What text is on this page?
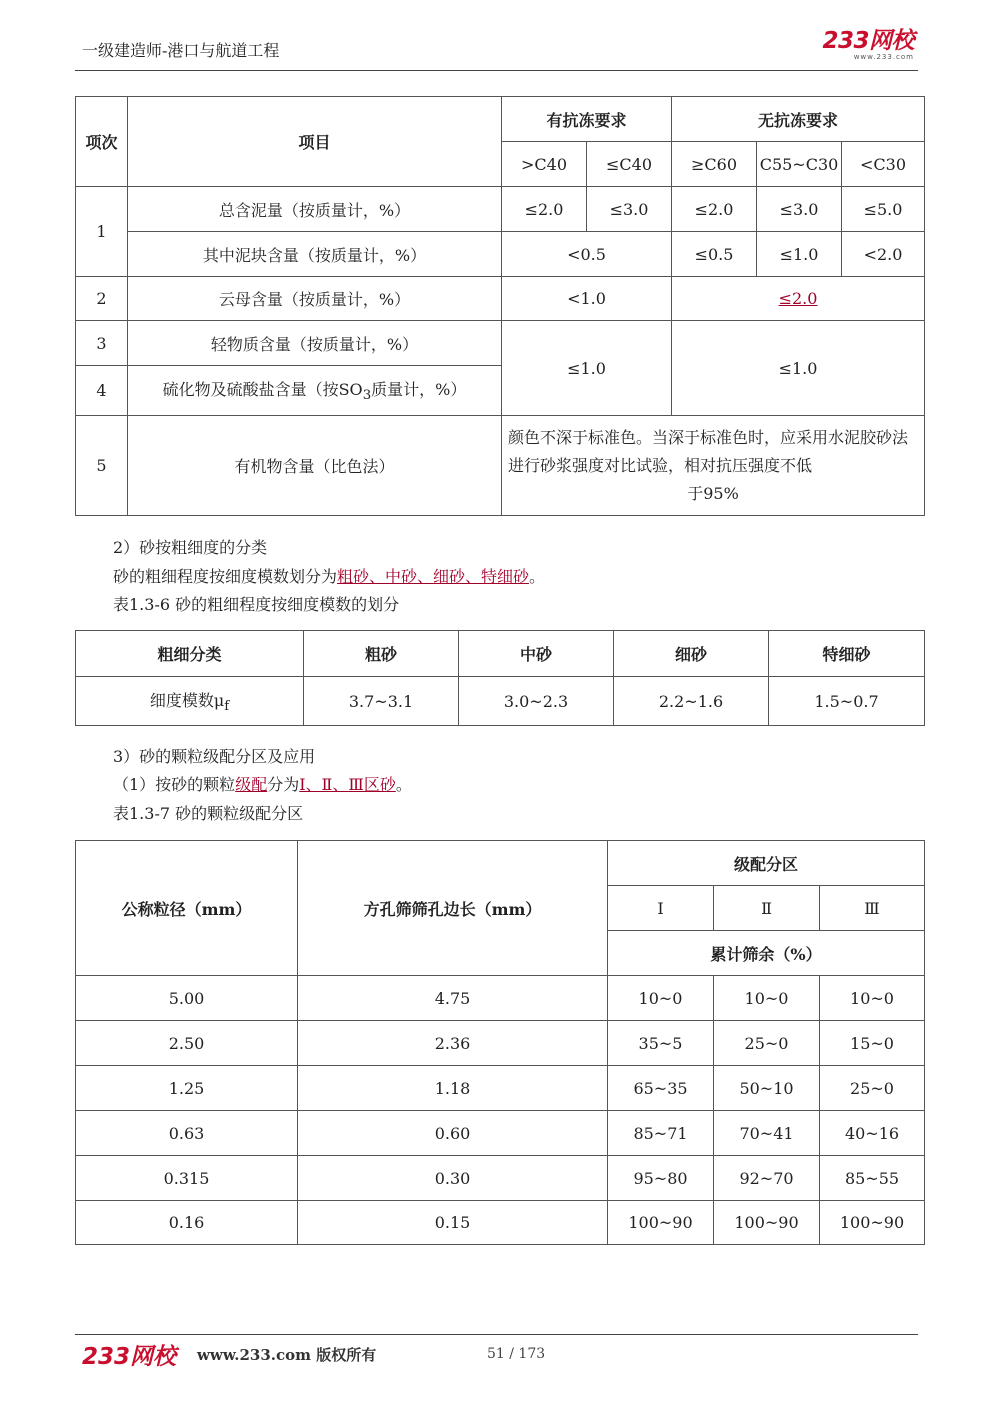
一级建造师-港口与航道工程	233网校
www.233.com
项次	项目	有抗冻要求		无抗冻要求		
		>C40	≤C40	≥C60	C55~C30	<C30
1	总含泥量（按质量计，%）	≤2.0	≤3.0	≤2.0	≤3.0	≤5.0
	其中泥块含量（按质量计，%）	<0.5		≤0.5	≤1.0	<2.0
2	云母含量（按质量计，%）	<1.0		≤2.0		
3	轻物质含量（按质量计，%）	≤1.0		≤1.0		
4	硫化物及硫酸盐含量（按$SO_3$质量计，%）					
5	有机物含量（比色法）	颜色不深于标准色。当深于标准色时，应采用水泥胶砂法进行砂浆强度对比试验，相对抗压强度不低
于95%				
2）砂按粗细度的分类
砂的粗细程度按细度模数划分为粗砂、中砂、细砂、特细砂。
表1.3-6 砂的粗细程度按细度模数的划分
粗细分类	粗砂	中砂	细砂	特细砂
细度模数$\mu_f$	3.7~3.1	3.0~2.3	2.2~1.6	1.5~0.7
3）砂的颗粒级配分区及应用
（1）按砂的颗粒级配分为Ⅰ、Ⅱ、Ⅲ区砂。
表1.3-7 砂的颗粒级配分区
公称粒径（mm）	方孔筛筛孔边长（mm）	级配分区		
		Ⅰ	Ⅱ	Ⅲ
		累计筛余（%）		
5.00	4.75	10~0	10~0	10~0
2.50	2.36	35~5	25~0	15~0
1.25	1.18	65~35	50~10	25~0
0.63	0.60	85~71	70~41	40~16
0.315	0.30	95~80	92~70	85~55
0.16	0.15	100~90	100~90	100~90
233网校 www.233.com 版权所有	51 / 173
